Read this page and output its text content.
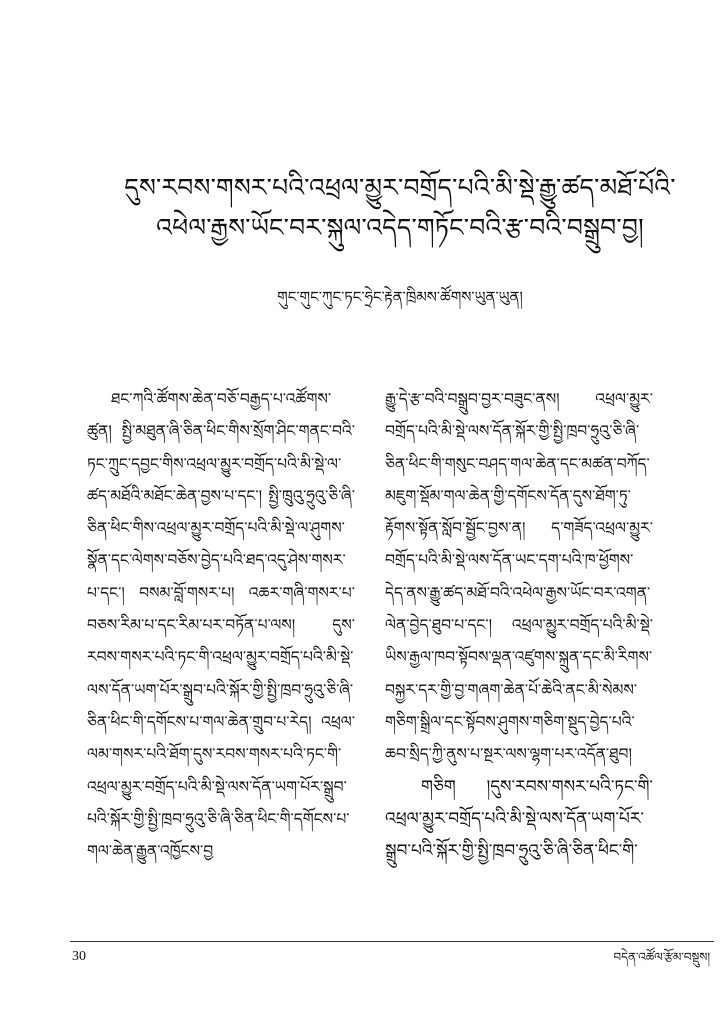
དུས་རབས་གསར་པའི་འཕྲལ་མྱུར་བགྲོད་པའི་མི་སྡེ་རྒྱུ་ཚད་མཐོ་པོའི་
འཕེལ་རྒྱས་ཡོང་བར་སྐུལ་འདེད་གཏོང་བའི་རྩ་བའི་བསྒྲུབ་བྱ།
གུང་གུང་ཀུང་ཏང་ཧྲེང་རྟེན་ཁྲིམས་ཚོགས་ཡུན་ཡུན།

ཐང་ཀའི་ཚོགས་ཆེན་བཅོ་བརྒྱད་པ་འཚོགས་ཚུན། སྤྱི་མཐུན་ཞི་ཅིན་ཕིང་གིས་སྲོག་ཤིང་གནང་བའི་ཏང་ཀྲུང་དབྱང་གིས་འཕྲལ་མྱུར་བགྲོད་པའི་མི་སྡེ་ལ་ཚད་མཐོའི་མཐོང་ཆེན་བྱས་པ་དང་། སྤྱི་ཁྲུའུ་ཧྲུའུ་ཅི་ཞི་ཅིན་ཕིང་གིས་འཕྲལ་མྱུར་བགྲོད་པའི་མི་སྡེ་ལ་ཤུགས་སྣོན་དང་ལེགས་བཅོས་བྱེད་པའི་ཐད་འདུ་ཤེས་གསར་པ་དང་། བསམ་བློ་གསར་པ། འཆར་གཞི་གསར་པ་བཅས་རིམ་པ་དང་རིམ་པར་བཏོན་པ་ལས། དུས་རབས་གསར་པའི་ཏང་གི་འཕྲལ་མྱུར་བགྲོད་པའི་མི་སྡེ་ལས་དོན་ཡག་པོར་སྒྲུབ་པའི་སྐོར་གྱི་སྤྱི་ཁྲབ་ཧྲུའུ་ཅི་ཞི་ཅིན་ཕིང་གི་དགོངས་པ་གལ་ཆེན་གྲུབ་པ་རེད། འཕྲལ་ལམ་གསར་པའི་ཐོག་དུས་རབས་གསར་པའི་ཏང་གི་འཕྲལ་མྱུར་བགྲོད་པའི་མི་སྡེ་ལས་དོན་ཡག་པོར་སྒྲུབ་པའི་སྐོར་གྱི་སྤྱི་ཁྲབ་ཧྲུའུ་ཅི་ཞི་ཅིན་ཕིང་གི་དགོངས་པ་གལ་ཆེན་རྒྱུན་འཁྱོངས་བྱ

རྒྱུ་དེ་རྩ་བའི་བསྒྲུབ་བྱར་བཟུང་ནས། འཕྲལ་མྱུར་བགྲོད་པའི་མི་སྡེ་ལས་དོན་སྐོར་གྱི་སྤྱི་ཁྲབ་ཧྲུའུ་ཅི་ཞི་ཅིན་ཕིང་གི་གསུང་བཤད་གལ་ཆེན་དང་མཚན་བཀོད་མཇུག་སྡོམ་གལ་ཆེན་གྱི་དགོངས་དོན་དུས་ཐོག་ཏུ་རྟོགས་སྟོན་སློབ་སྦྱོང་བྱས་ན། ད་གཟོད་འཕྲལ་མྱུར་བགྲོད་པའི་མི་སྡེ་ལས་དོན་ཡང་དག་པའི་ཁ་ཕྱོགས་དེད་ནས་རྒྱུ་ཚད་མཐོ་བའི་འཕེལ་རྒྱས་ཡོང་བར་འགན་ལེན་བྱེད་ཐུབ་པ་དང་། འཕྲལ་མྱུར་བགྲོད་པའི་མི་སྡེ་ཡིས་རྒྱལ་ཁབ་སྟོབས་ལྡན་འཛུགས་སྐྲུན་དང་མི་རིགས་བསྐྱར་དར་གྱི་བྱ་གཞག་ཆེན་པོ་ཆེའི་ནང་མི་སེམས་གཅིག་སྒྲིལ་དང་སྟོབས་ཤུགས་གཅིག་སྡུད་བྱེད་པའི་ཆབ་སྲིད་ཀྱི་ནུས་པ་སྔར་ལས་ལྷག་པར་འདོན་ཐུབ།

གཅིག །དུས་རབས་གསར་པའི་ཏང་གི་འཕྲལ་མྱུར་བགྲོད་པའི་མི་སྡེ་ལས་དོན་ཡག་པོར་སྒྲུབ་པའི་སྐོར་གྱི་སྤྱི་ཁྲབ་ཧྲུའུ་ཅི་ཞི་ཅིན་ཕིང་གི་

30	བདེན་འཚོལ་རྩོམ་བསྡུས།
